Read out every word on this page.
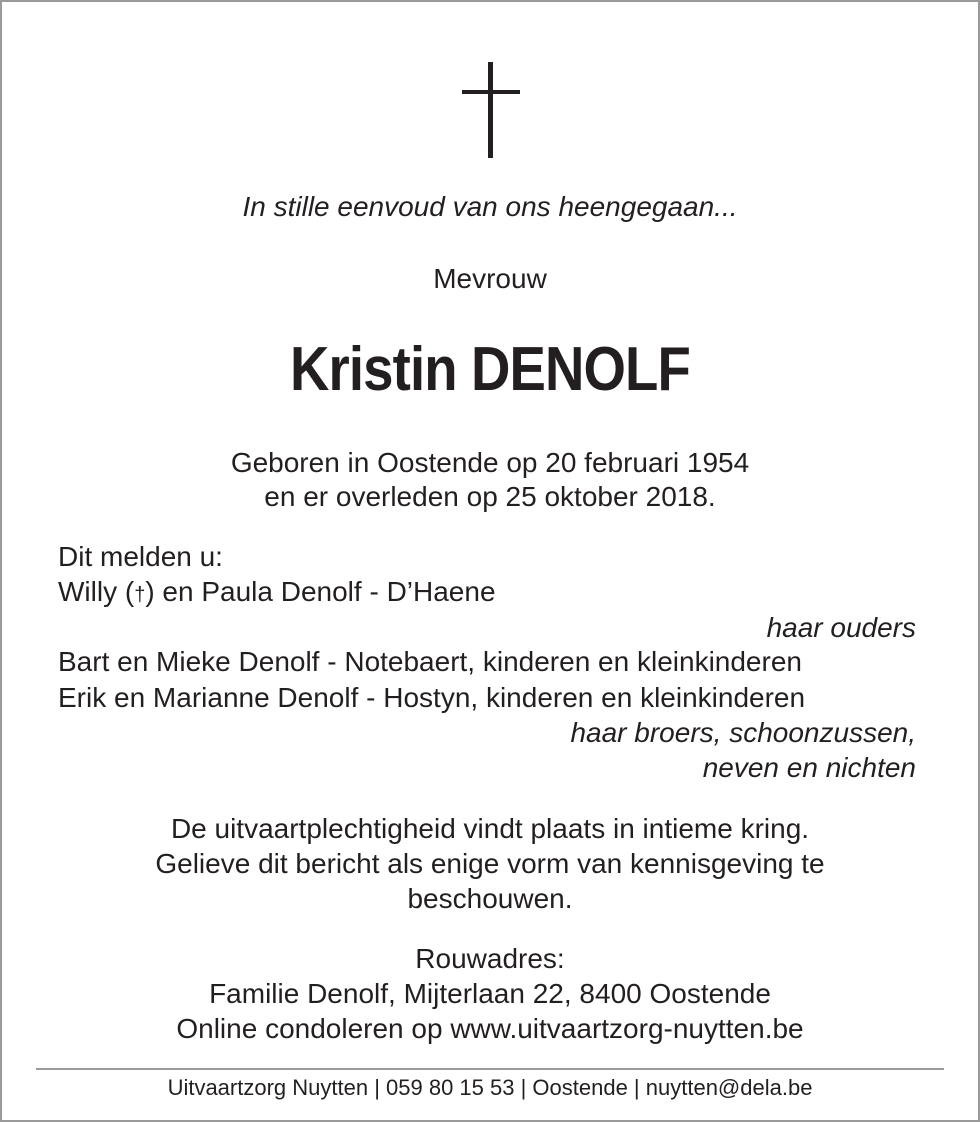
In stille eenvoud van ons heengegaan...
Mevrouw
Kristin DENOLF
Geboren in Oostende op 20 februari 1954
en er overleden op 25 oktober 2018.
Dit melden u:
Willy (†) en Paula Denolf - D’Haene
haar ouders
Bart en Mieke Denolf - Notebaert, kinderen en kleinkinderen
Erik en Marianne Denolf - Hostyn, kinderen en kleinkinderen
haar broers, schoonzussen,
neven en nichten
De uitvaartplechtigheid vindt plaats in intieme kring.
Gelieve dit bericht als enige vorm van kennisgeving te
beschouwen.
Rouwadres:
Familie Denolf, Mijterlaan 22, 8400 Oostende
Online condoleren op www.uitvaartzorg-nuytten.be
Uitvaartzorg Nuytten | 059 80 15 53 | Oostende | nuytten@dela.be
